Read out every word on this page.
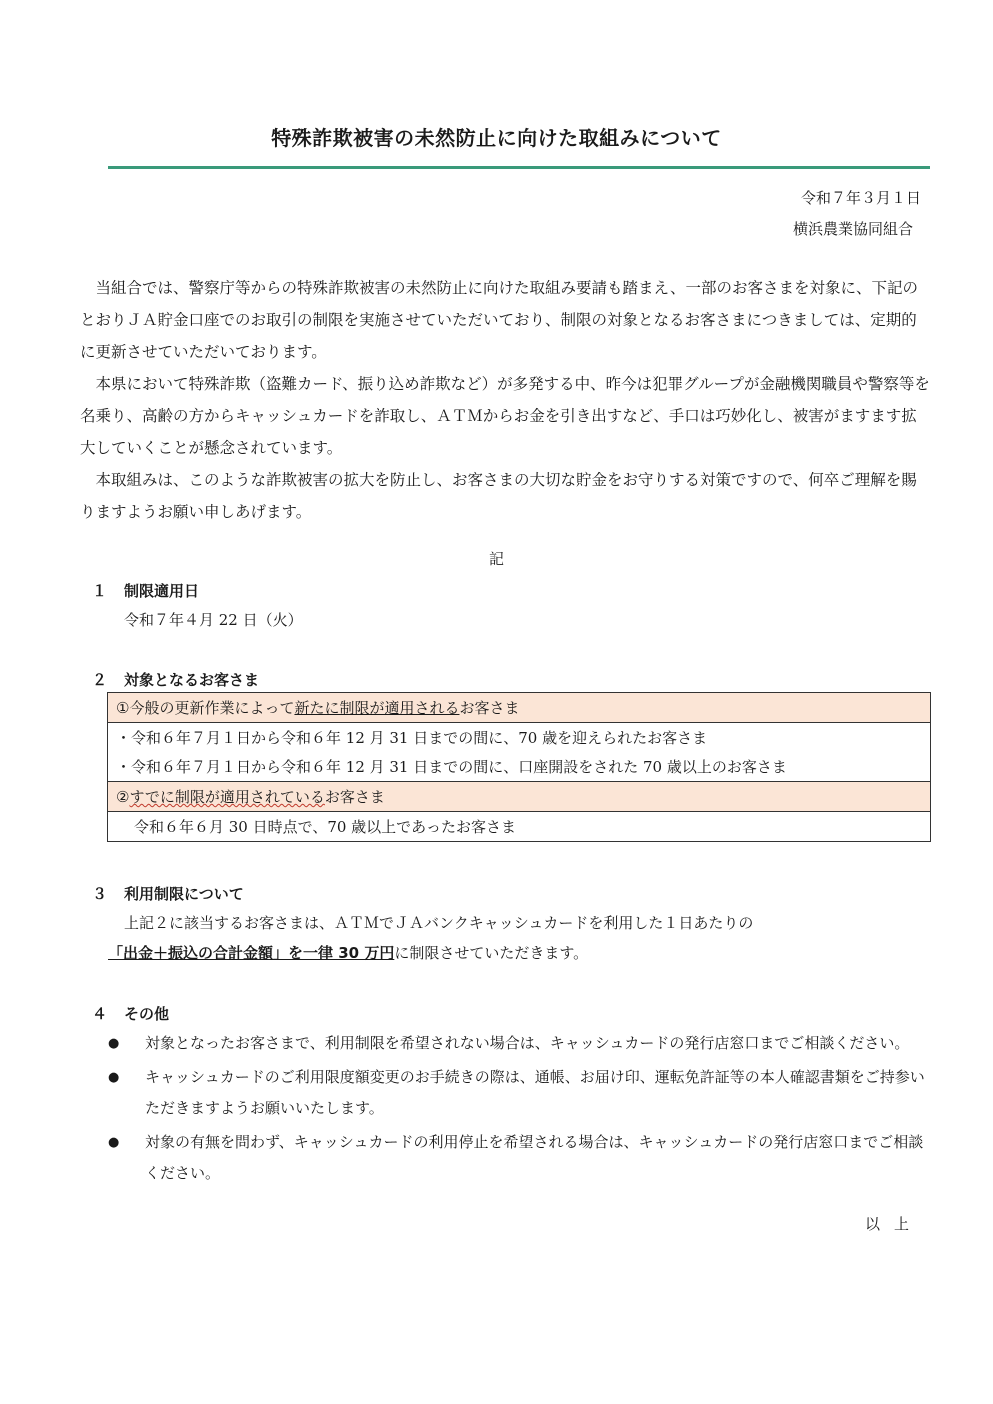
特殊詐欺被害の未然防止に向けた取組みについて
令和７年３月１日
横浜農業協同組合

　当組合では、警察庁等からの特殊詐欺被害の未然防止に向けた取組み要請も踏まえ、一部のお客さまを対象に、下記のとおりＪＡ貯金口座でのお取引の制限を実施させていただいており、制限の対象となるお客さまにつきましては、定期的に更新させていただいております。

　本県において特殊詐欺（盗難カード、振り込め詐欺など）が多発する中、昨今は犯罪グループが金融機関職員や警察等を名乗り、高齢の方からキャッシュカードを詐取し、ＡＴＭからお金を引き出すなど、手口は巧妙化し、被害がますます拡大していくことが懸念されています。

　本取組みは、このような詐欺被害の拡大を防止し、お客さまの大切な貯金をお守りする対策ですので、何卒ご理解を賜りますようお願い申しあげます。

記
１ 制限適用日
令和７年４月 22 日（火）
２ 対象となるお客さま
①今般の更新作業によって新たに制限が適用されるお客さま
・令和６年７月１日から令和６年 12 月 31 日までの間に、70 歳を迎えられたお客さま
・令和６年７月１日から令和６年 12 月 31 日までの間に、口座開設をされた 70 歳以上のお客さま
②すでに制限が適用されているお客さま
令和６年６月 30 日時点で、70 歳以上であったお客さま
３ 利用制限について
上記２に該当するお客さまは、ＡＴＭでＪＡバンクキャッシュカードを利用した１日あたりの
「出金＋振込の合計金額」を一律 30 万円に制限させていただきます。
４ その他
● 対象となったお客さまで、利用制限を希望されない場合は、キャッシュカードの発行店窓口までご相談ください。
● キャッシュカードのご利用限度額変更のお手続きの際は、通帳、お届け印、運転免許証等の本人確認書類をご持参いただきますようお願いいたします。
● 対象の有無を問わず、キャッシュカードの利用停止を希望される場合は、キャッシュカードの発行店窓口までご相談ください。
以上
